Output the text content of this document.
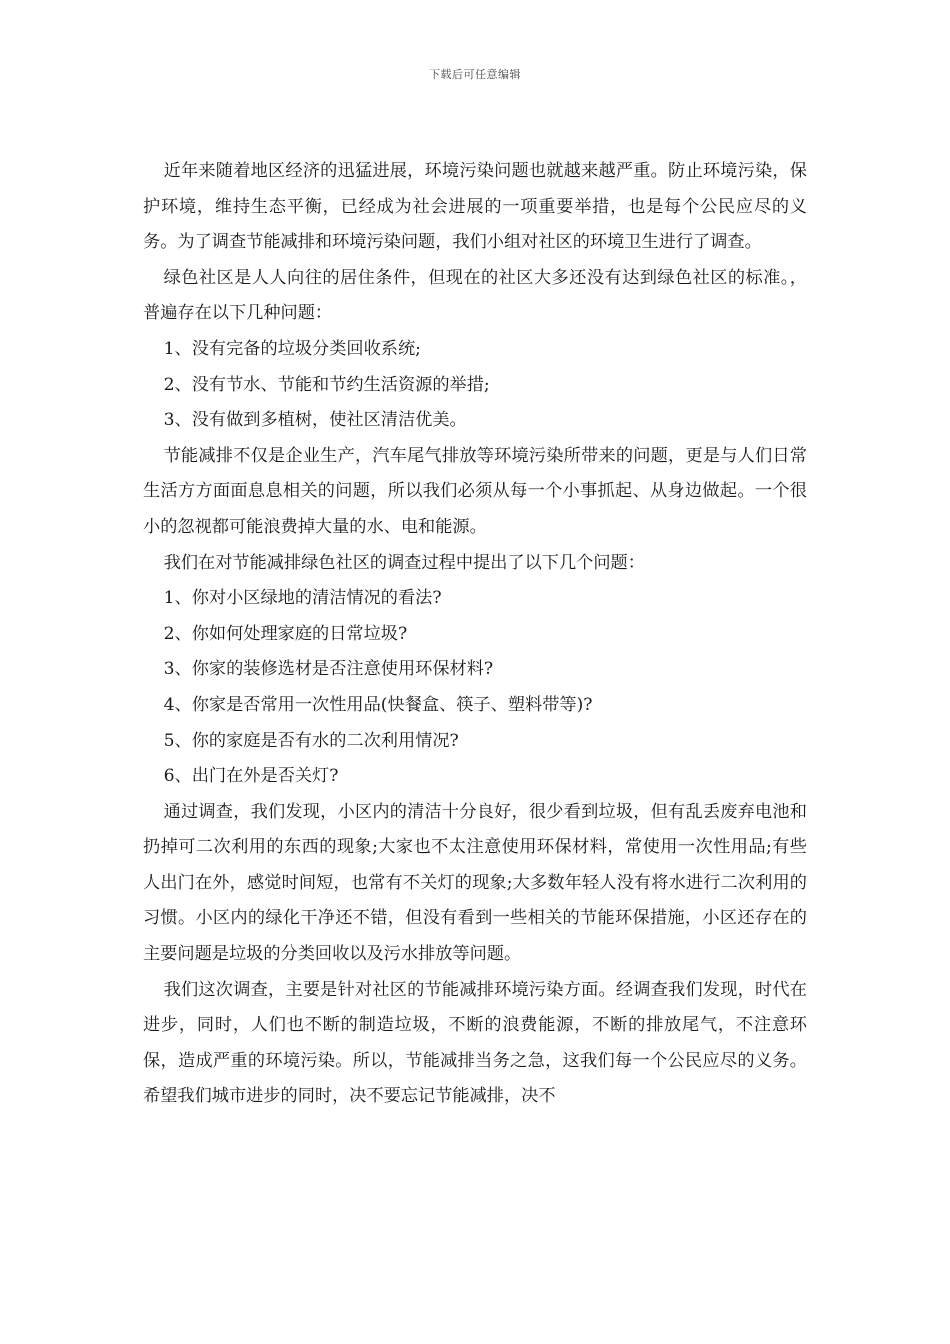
下载后可任意编辑

近年来随着地区经济的迅猛进展，环境污染问题也就越来越严重。防止环境污染，保护环境，维持生态平衡，已经成为社会进展的一项重要举措，也是每个公民应尽的义务。为了调查节能减排和环境污染问题，我们小组对社区的环境卫生进行了调查。

绿色社区是人人向往的居住条件，但现在的社区大多还没有达到绿色社区的标准。，普遍存在以下几种问题：

1、没有完备的垃圾分类回收系统;

2、没有节水、节能和节约生活资源的举措;

3、没有做到多植树，使社区清洁优美。

节能减排不仅是企业生产，汽车尾气排放等环境污染所带来的问题，更是与人们日常生活方方面面息息相关的问题，所以我们必须从每一个小事抓起、从身边做起。一个很小的忽视都可能浪费掉大量的水、电和能源。

我们在对节能减排绿色社区的调查过程中提出了以下几个问题：

1、你对小区绿地的清洁情况的看法?

2、你如何处理家庭的日常垃圾?

3、你家的装修选材是否注意使用环保材料?

4、你家是否常用一次性用品(快餐盒、筷子、塑料带等)?

5、你的家庭是否有水的二次利用情况?

6、出门在外是否关灯?

通过调查，我们发现，小区内的清洁十分良好，很少看到垃圾，但有乱丢废弃电池和扔掉可二次利用的东西的现象;大家也不太注意使用环保材料，常使用一次性用品;有些人出门在外，感觉时间短，也常有不关灯的现象;大多数年轻人没有将水进行二次利用的习惯。小区内的绿化干净还不错，但没有看到一些相关的节能环保措施，小区还存在的主要问题是垃圾的分类回收以及污水排放等问题。

我们这次调查，主要是针对社区的节能减排环境污染方面。经调查我们发现，时代在进步，同时，人们也不断的制造垃圾，不断的浪费能源，不断的排放尾气，不注意环保，造成严重的环境污染。所以，节能减排当务之急，这我们每一个公民应尽的义务。希望我们城市进步的同时，决不要忘记节能减排，决不
